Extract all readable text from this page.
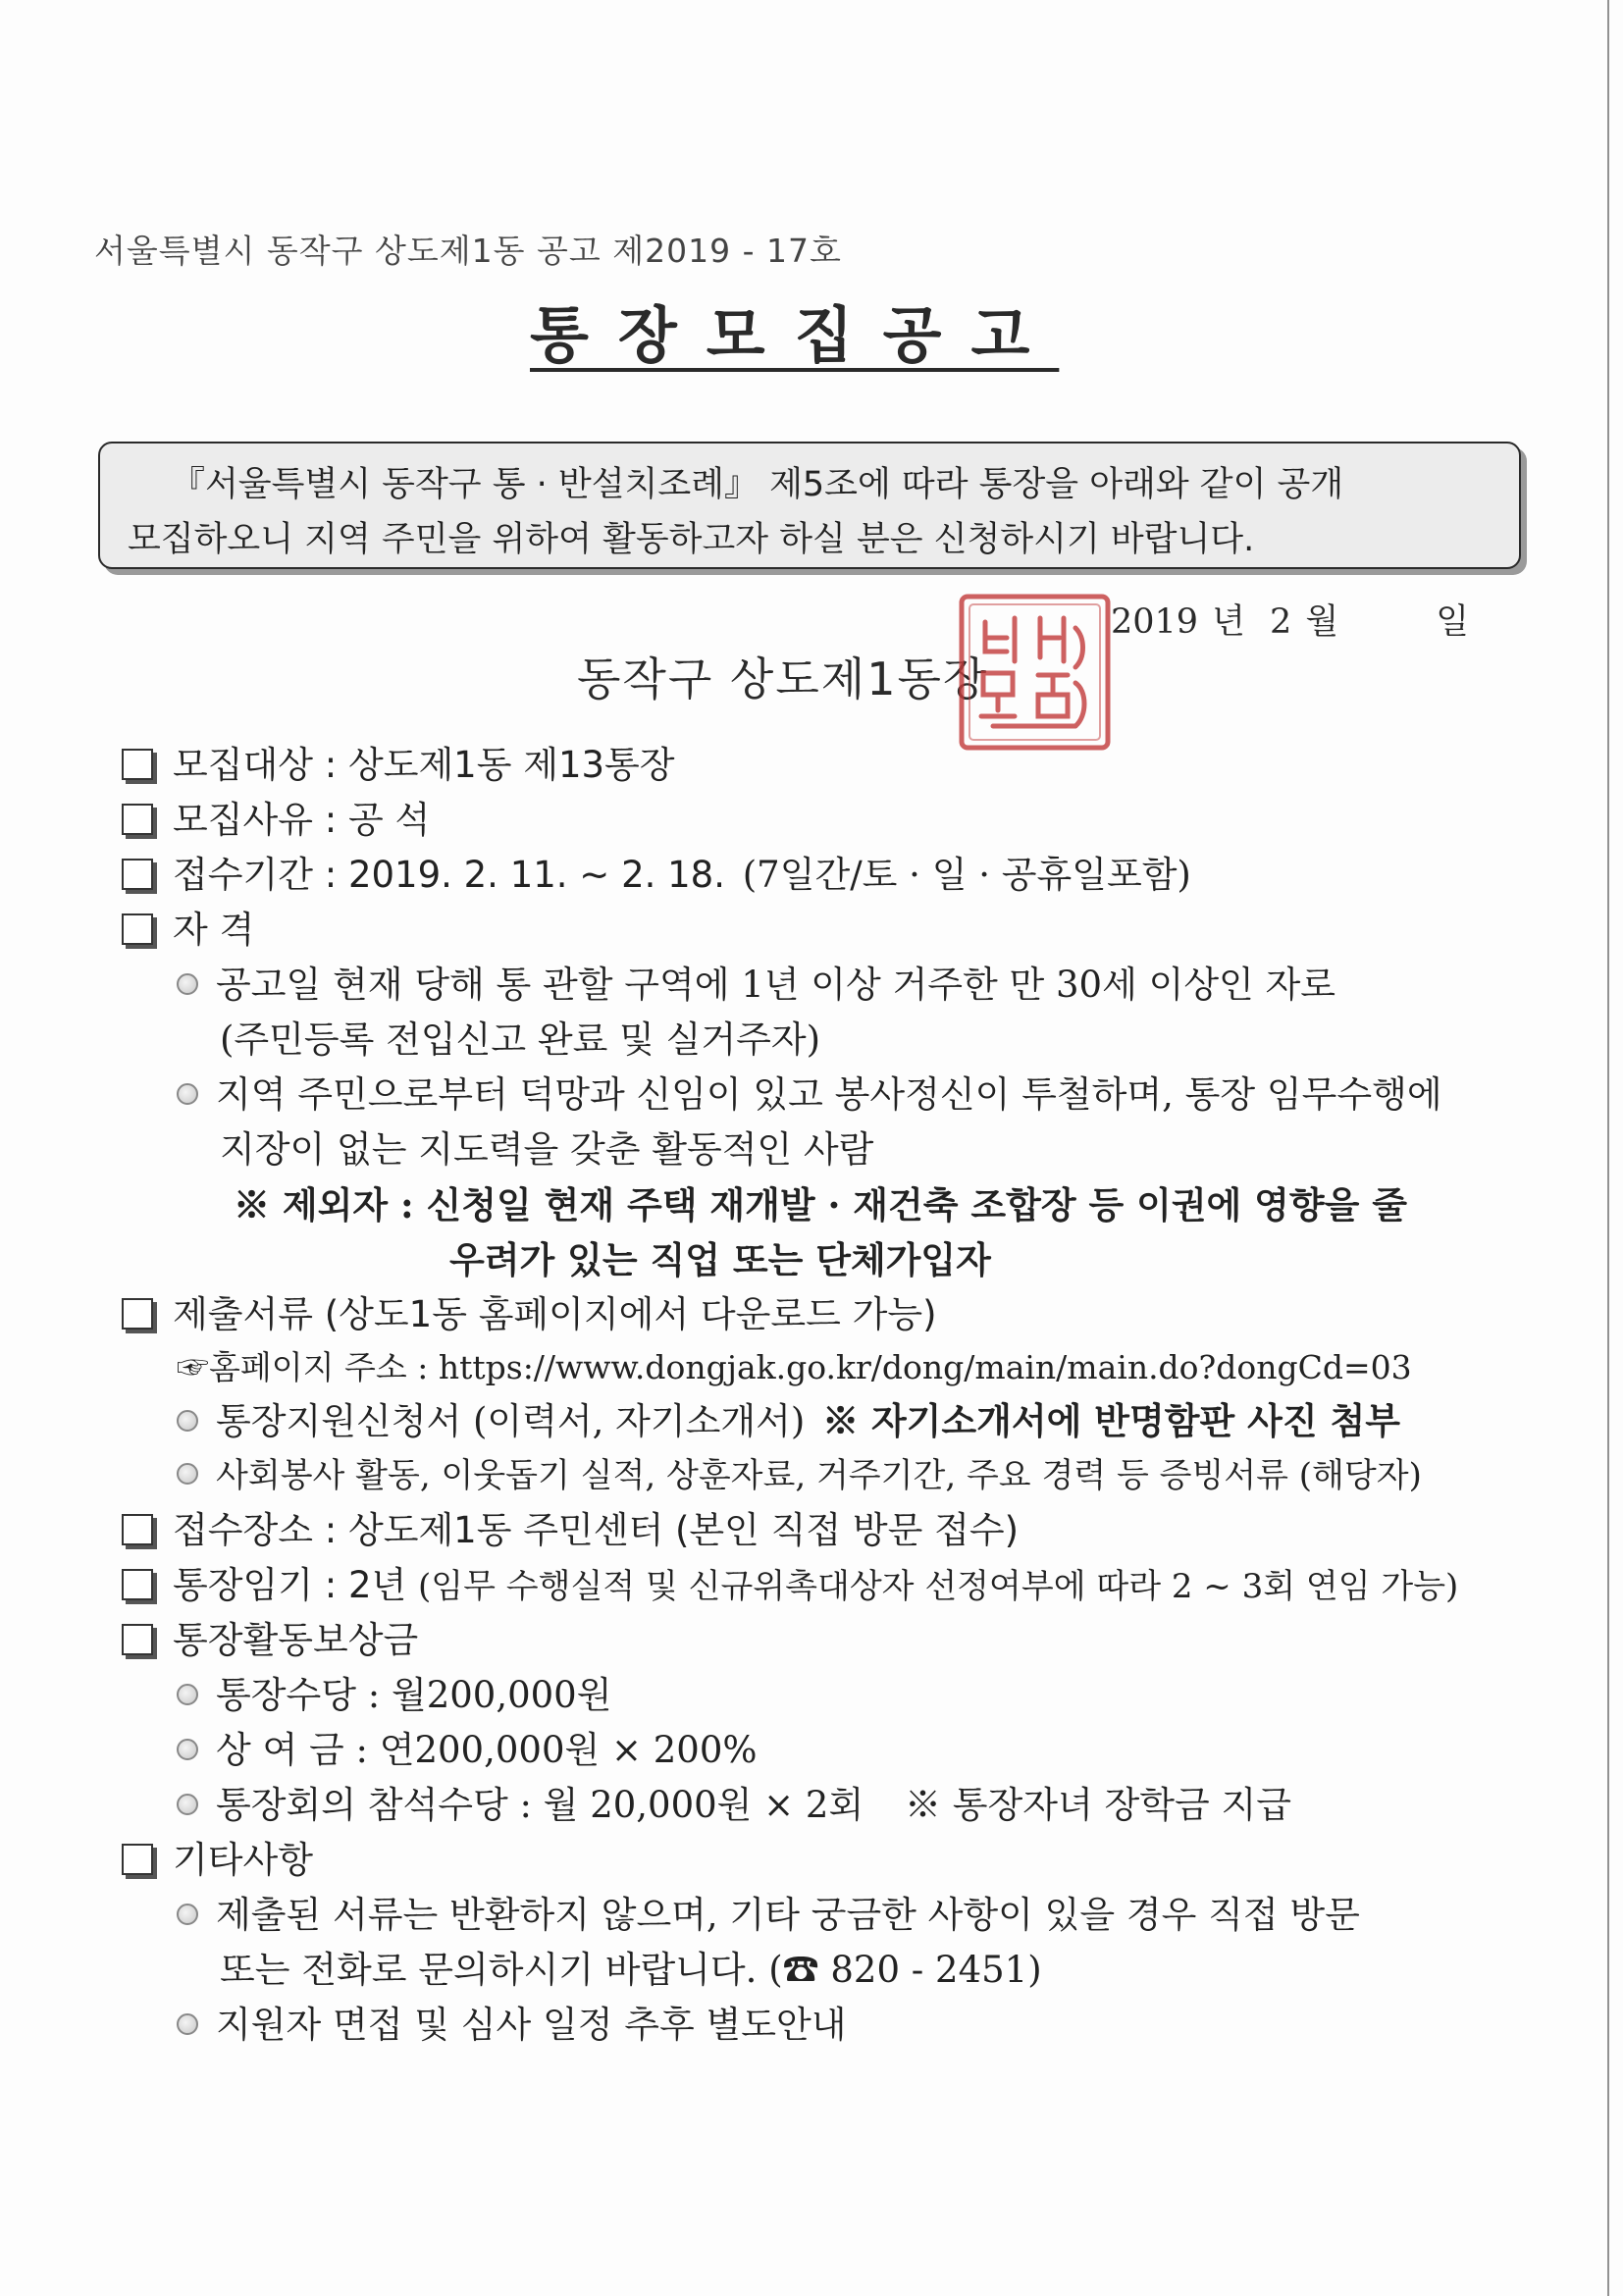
서울특별시 동작구 상도제1동 공고 제2019 - 17호
통장모집공고

『서울특별시 동작구 통 · 반설치조례』 제5조에 따라 통장을 아래와 같이 공개

모집하오니 지역 주민을 위하여 활동하고자 하실 분은 신청하시기 바랍니다.

2019 년 2 월	일
동작구 상도제1동장
모집대상 : 상도제1동 제13통장
모집사유 : 공 석
접수기간 : 2019. 2. 11. ~ 2. 18. (7일간/토 · 일 · 공휴일포함)
자 격
공고일 현재 당해 통 관할 구역에 1년 이상 거주한 만 30세 이상인 자로
(주민등록 전입신고 완료 및 실거주자)
지역 주민으로부터 덕망과 신임이 있고 봉사정신이 투철하며, 통장 임무수행에
지장이 없는 지도력을 갖춘 활동적인 사람
※ 제외자 : 신청일 현재 주택 재개발 · 재건축 조합장 등 이권에 영향을 줄
우려가 있는 직업 또는 단체가입자
제출서류 (상도1동 홈페이지에서 다운로드 가능)
☞홈페이지 주소 : https://www.dongjak.go.kr/dong/main/main.do?dongCd=03
통장지원신청서 (이력서, 자기소개서) ※ 자기소개서에 반명함판 사진 첨부
사회봉사 활동, 이웃돕기 실적, 상훈자료, 거주기간, 주요 경력 등 증빙서류 (해당자)
접수장소 : 상도제1동 주민센터 (본인 직접 방문 접수)
통장임기 : 2년 (임무 수행실적 및 신규위촉대상자 선정여부에 따라 2 ~ 3회 연임 가능)
통장활동보상금
통장수당 : 월200,000원
상 여 금 : 연200,000원 × 200%
통장회의 참석수당 : 월 20,000원 × 2회 ※ 통장자녀 장학금 지급
기타사항
제출된 서류는 반환하지 않으며, 기타 궁금한 사항이 있을 경우 직접 방문
또는 전화로 문의하시기 바랍니다. (☎ 820 - 2451)
지원자 면접 및 심사 일정 추후 별도안내
